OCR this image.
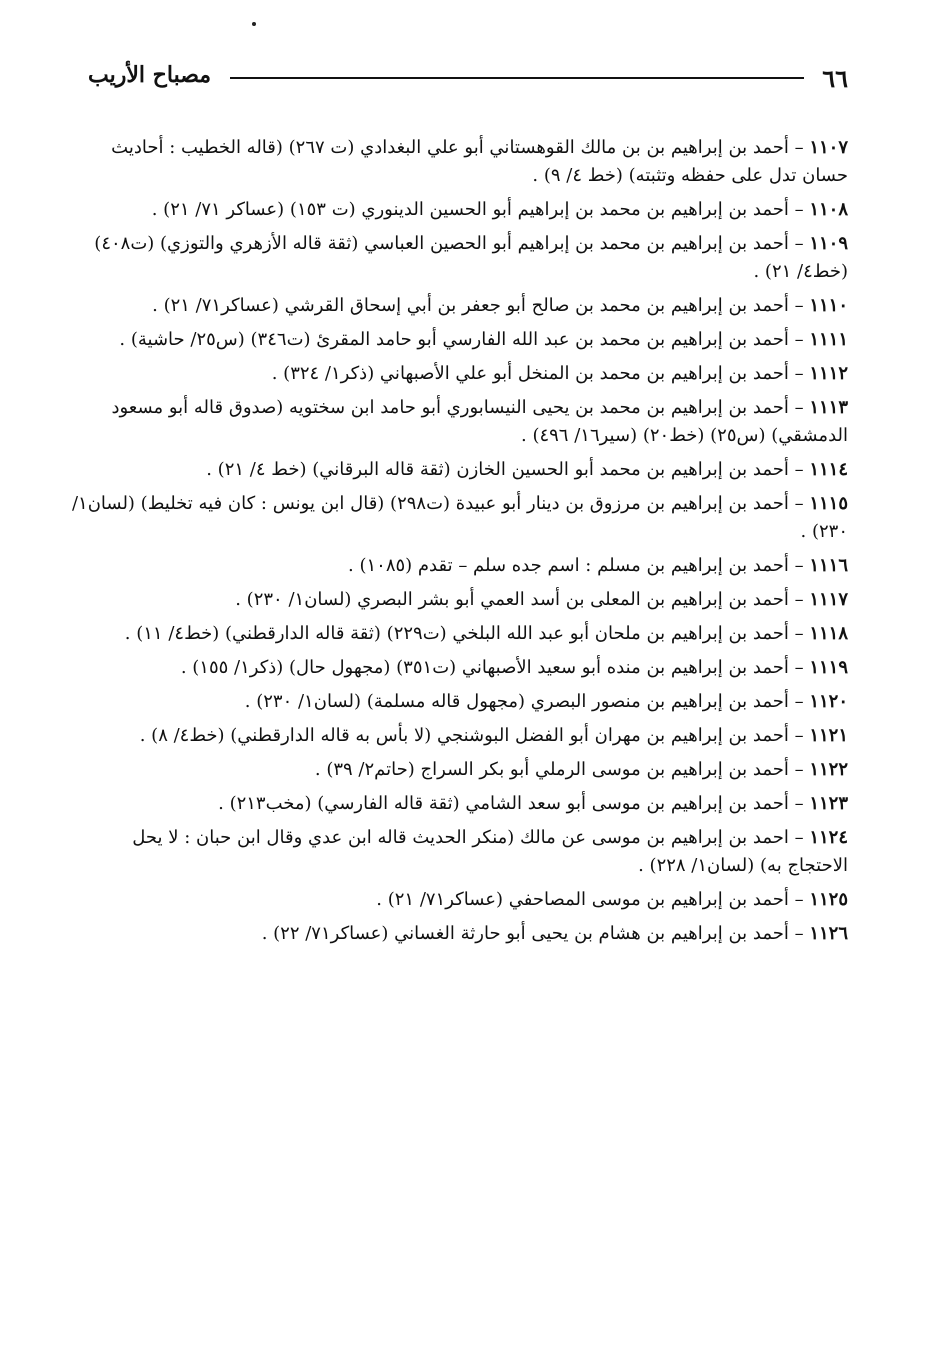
٦٦
مصباح الأريب
١١٠٧ – أحمد بن إبراهيم بن بن مالك القوهستاني أبو علي البغدادي (ت ٢٦٧) (قاله الخطيب : أحاديث حسان تدل على حفظه وتثبته) (خط ٤/ ٩) .
١١٠٨ – أحمد بن إبراهيم بن محمد بن إبراهيم أبو الحسين الدينوري (ت ١٥٣) (عساكر ٧١/ ٢١) .
١١٠٩ – أحمد بن إبراهيم بن محمد بن إبراهيم أبو الحصين العباسي (ثقة قاله الأزهري والتوزي) (ت٤٠٨) (خط٤/ ٢١) .
١١١٠ – أحمد بن إبراهيم بن محمد بن صالح أبو جعفر بن أبي إسحاق القرشي (عساكر٧١/ ٢١) .
١١١١ – أحمد بن إبراهيم بن محمد بن عبد الله الفارسي أبو حامد المقرئ (ت٣٤٦) (س٢٥/ حاشية) .
١١١٢ – أحمد بن إبراهيم بن محمد بن المنخل أبو علي الأصبهاني (ذكر١/ ٣٢٤) .
١١١٣ – أحمد بن إبراهيم بن محمد بن يحيى النيسابوري أبو حامد ابن سختويه (صدوق قاله أبو مسعود الدمشقي) (س٢٥) (خط٢٠) (سير١٦/ ٤٩٦) .
١١١٤ – أحمد بن إبراهيم بن محمد أبو الحسين الخازن (ثقة قاله البرقاني) (خط ٤/ ٢١) .
١١١٥ – أحمد بن إبراهيم بن مرزوق بن دينار أبو عبيدة (ت٢٩٨) (قال ابن يونس : كان فيه تخليط) (لسان١/ ٢٣٠) .
١١١٦ – أحمد بن إبراهيم بن مسلم : اسم جده سلم – تقدم (١٠٨٥) .
١١١٧ – أحمد بن إبراهيم بن المعلى بن أسد العمي أبو بشر البصري (لسان١/ ٢٣٠) .
١١١٨ – أحمد بن إبراهيم بن ملحان أبو عبد الله البلخي (ت٢٢٩) (ثقة قاله الدارقطني) (خط٤/ ١١) .
١١١٩ – أحمد بن إبراهيم بن منده أبو سعيد الأصبهاني (ت٣٥١) (مجهول حال) (ذكر١/ ١٥٥) .
١١٢٠ – أحمد بن إبراهيم بن منصور البصري (مجهول قاله مسلمة) (لسان١/ ٢٣٠) .
١١٢١ – أحمد بن إبراهيم بن مهران أبو الفضل البوشنجي (لا بأس به قاله الدارقطني) (خط٤/ ٨) .
١١٢٢ – أحمد بن إبراهيم بن موسى الرملي أبو بكر السراج (حاتم٢/ ٣٩) .
١١٢٣ – أحمد بن إبراهيم بن موسى أبو سعد الشامي (ثقة قاله الفارسي) (مخب٢١٣) .
١١٢٤ – احمد بن إبراهيم بن موسى عن مالك (منكر الحديث قاله ابن عدي وقال ابن حبان : لا يحل الاحتجاج به) (لسان١/ ٢٢٨) .
١١٢٥ – أحمد بن إبراهيم بن موسى المصاحفي (عساكر٧١/ ٢١) .
١١٢٦ – أحمد بن إبراهيم بن هشام بن يحيى أبو حارثة الغساني (عساكر٧١/ ٢٢) .
